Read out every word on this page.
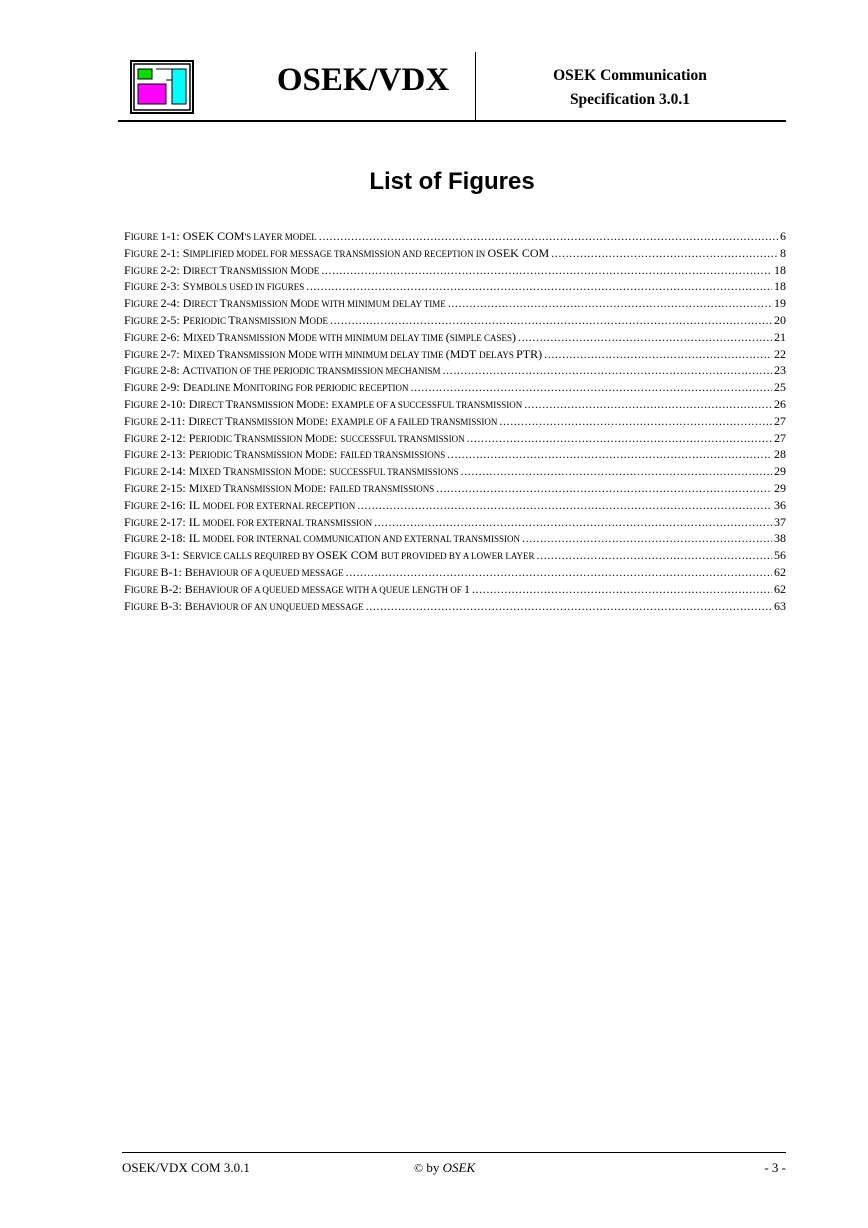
OSEK/VDX	OSEK Communication
Specification 3.0.1
List of Figures
FIGURE 1-1: OSEK COM'S LAYER MODEL .....	6
FIGURE 2-1: SIMPLIFIED MODEL FOR MESSAGE TRANSMISSION AND RECEPTION IN OSEK COM .....	8
FIGURE 2-2: DIRECT TRANSMISSION MODE .....	18
FIGURE 2-3: SYMBOLS USED IN FIGURES .....	18
FIGURE 2-4: DIRECT TRANSMISSION MODE WITH MINIMUM DELAY TIME .....	19
FIGURE 2-5: PERIODIC TRANSMISSION MODE .....	20
FIGURE 2-6: MIXED TRANSMISSION MODE WITH MINIMUM DELAY TIME (SIMPLE CASES) .....	21
FIGURE 2-7: MIXED TRANSMISSION MODE WITH MINIMUM DELAY TIME (MDT DELAYS PTR) .....	22
FIGURE 2-8: ACTIVATION OF THE PERIODIC TRANSMISSION MECHANISM .....	23
FIGURE 2-9: DEADLINE MONITORING FOR PERIODIC RECEPTION .....	25
FIGURE 2-10: DIRECT TRANSMISSION MODE: EXAMPLE OF A SUCCESSFUL TRANSMISSION .....	26
FIGURE 2-11: DIRECT TRANSMISSION MODE: EXAMPLE OF A FAILED TRANSMISSION .....	27
FIGURE 2-12: PERIODIC TRANSMISSION MODE: SUCCESSFUL TRANSMISSION .....	27
FIGURE 2-13: PERIODIC TRANSMISSION MODE: FAILED TRANSMISSIONS .....	28
FIGURE 2-14: MIXED TRANSMISSION MODE: SUCCESSFUL TRANSMISSIONS .....	29
FIGURE 2-15: MIXED TRANSMISSION MODE: FAILED TRANSMISSIONS .....	29
FIGURE 2-16: IL MODEL FOR EXTERNAL RECEPTION .....	36
FIGURE 2-17: IL MODEL FOR EXTERNAL TRANSMISSION .....	37
FIGURE 2-18: IL MODEL FOR INTERNAL COMMUNICATION AND EXTERNAL TRANSMISSION .....	38
FIGURE 3-1: SERVICE CALLS REQUIRED BY OSEK COM BUT PROVIDED BY A LOWER LAYER .....	56
FIGURE B-1: BEHAVIOUR OF A QUEUED MESSAGE .....	62
FIGURE B-2: BEHAVIOUR OF A QUEUED MESSAGE WITH A QUEUE LENGTH OF 1 .....	62
FIGURE B-3: BEHAVIOUR OF AN UNQUEUED MESSAGE .....	63
OSEK/VDX COM 3.0.1	© by OSEK	- 3 -
